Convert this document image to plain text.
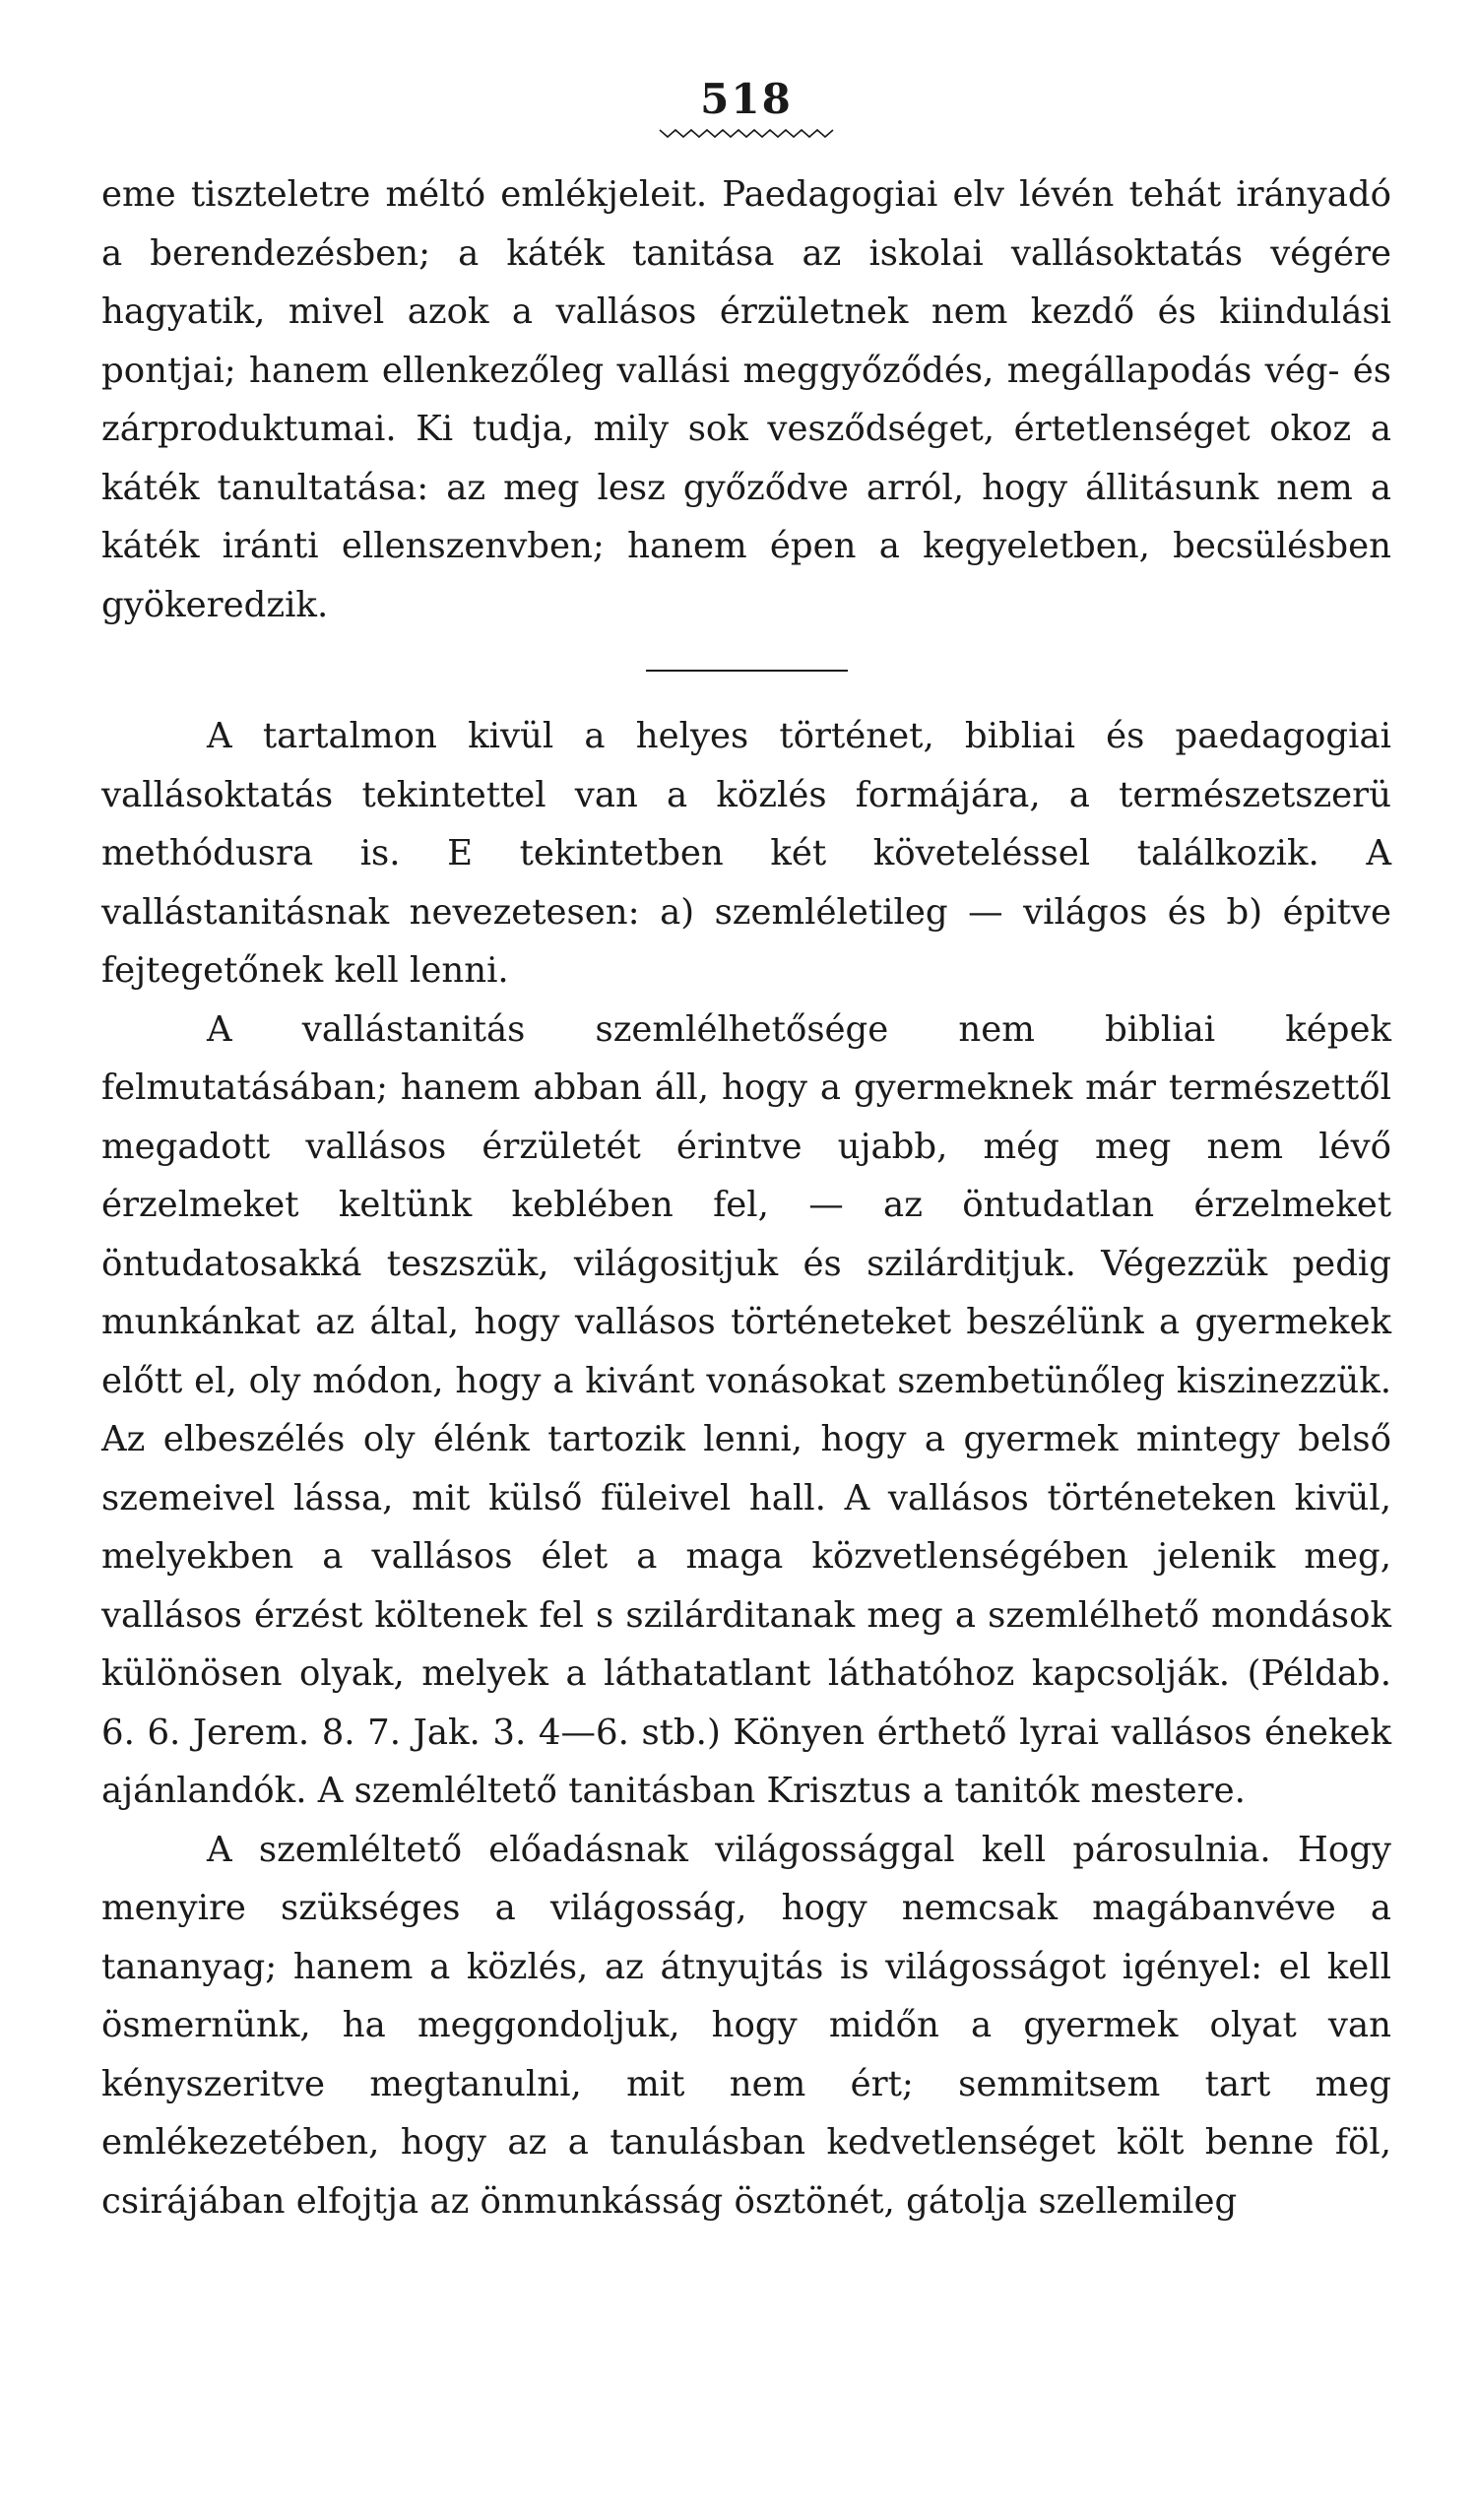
518

eme tiszteletre méltó emlékjeleit. Paedagogiai elv lévén tehát irányadó a berendezésben; a káték tanitása az iskolai vallásoktatás végére hagyatik, mivel azok a vallásos érzületnek nem kezdő és kiindulási pontjai; hanem ellenkezőleg vallási meggyőződés, megállapodás vég- és zárproduktumai. Ki tudja, mily sok vesződséget, értetlenséget okoz a káték tanultatása: az meg lesz győződve arról, hogy állitásunk nem a káték iránti ellenszenvben; hanem épen a kegyeletben, becsülésben gyökeredzik.

A tartalmon kivül a helyes történet, bibliai és paedagogiai vallásoktatás tekintettel van a közlés formájára, a természetszerü methódusra is. E tekintetben két követeléssel találkozik. A vallástanitásnak nevezetesen: a) szemléletileg — világos és b) épitve fejtegetőnek kell lenni.

A vallástanitás szemlélhetősége nem bibliai képek felmutatásában; hanem abban áll, hogy a gyermeknek már természettől megadott vallásos érzületét érintve ujabb, még meg nem lévő érzelmeket keltünk keblében fel, — az öntudatlan érzelmeket öntudatosakká teszszük, világositjuk és szilárditjuk. Végezzük pedig munkánkat az által, hogy vallásos történeteket beszélünk a gyermekek előtt el, oly módon, hogy a kivánt vonásokat szembetünőleg kiszinezzük. Az elbeszélés oly élénk tartozik lenni, hogy a gyermek mintegy belső szemeivel lássa, mit külső füleivel hall. A vallásos történeteken kivül, melyekben a vallásos élet a maga közvetlenségében jelenik meg, vallásos érzést költenek fel s szilárditanak meg a szemlélhető mondások különösen olyak, melyek a láthatatlant láthatóhoz kapcsolják. (Példab. 6. 6. Jerem. 8. 7. Jak. 3. 4—6. stb.) Könyen érthető lyrai vallásos énekek ajánlandók. A szemléltető tanitásban Krisztus a tanitók mestere.

A szemléltető előadásnak világossággal kell párosulnia. Hogy menyire szükséges a világosság, hogy nemcsak magábanvéve a tananyag; hanem a közlés, az átnyujtás is világosságot igényel: el kell ösmernünk, ha meggondoljuk, hogy midőn a gyermek olyat van kényszeritve megtanulni, mit nem ért; semmitsem tart meg emlékezetében, hogy az a tanulásban kedvetlenséget költ benne föl, csirájában elfojtja az önmunkásság ösztönét, gátolja szellemileg
